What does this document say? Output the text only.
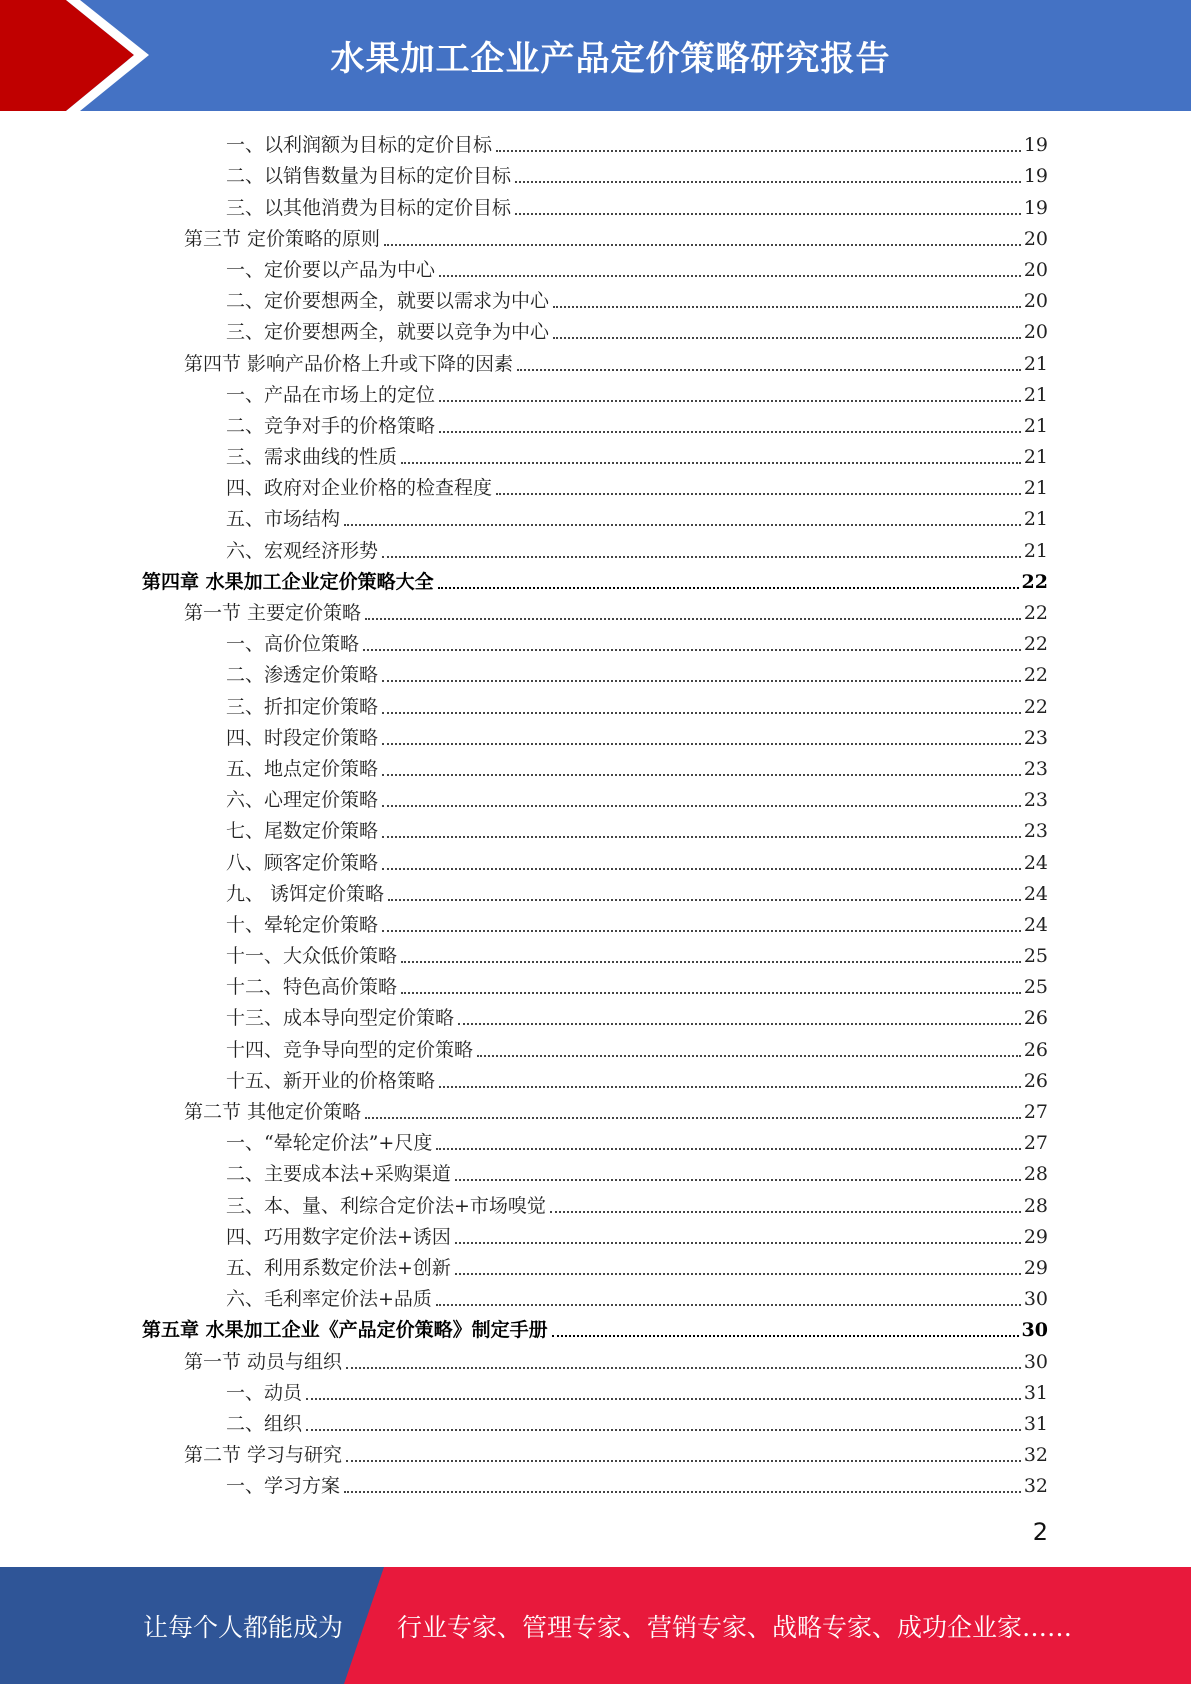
水果加工企业产品定价策略研究报告
一、以利润额为目标的定价目标	19
二、以销售数量为目标的定价目标	19
三、以其他消费为目标的定价目标	19
第三节 定价策略的原则	20
一、定价要以产品为中心	20
二、定价要想两全，就要以需求为中心	20
三、定价要想两全，就要以竞争为中心	20
第四节 影响产品价格上升或下降的因素	21
一、产品在市场上的定位	21
二、竞争对手的价格策略	21
三、需求曲线的性质	21
四、政府对企业价格的检查程度	21
五、市场结构	21
六、宏观经济形势	21
第四章 水果加工企业定价策略大全	22
第一节 主要定价策略	22
一、高价位策略	22
二、渗透定价策略	22
三、折扣定价策略	22
四、时段定价策略	23
五、地点定价策略	23
六、心理定价策略	23
七、尾数定价策略	23
八、顾客定价策略	24
九、 诱饵定价策略	24
十、晕轮定价策略	24
十一、大众低价策略	25
十二、特色高价策略	25
十三、成本导向型定价策略	26
十四、竞争导向型的定价策略	26
十五、新开业的价格策略	26
第二节 其他定价策略	27
一、“晕轮定价法”+尺度	27
二、主要成本法+采购渠道	28
三、本、量、利综合定价法+市场嗅觉	28
四、巧用数字定价法+诱因	29
五、利用系数定价法+创新	29
六、毛利率定价法+品质	30
第五章 水果加工企业《产品定价策略》制定手册	30
第一节 动员与组织	30
一、动员	31
二、组织	31
第二节 学习与研究	32
一、学习方案	32
2
让每个人都能成为 行业专家、管理专家、营销专家、战略专家、成功企业家……
